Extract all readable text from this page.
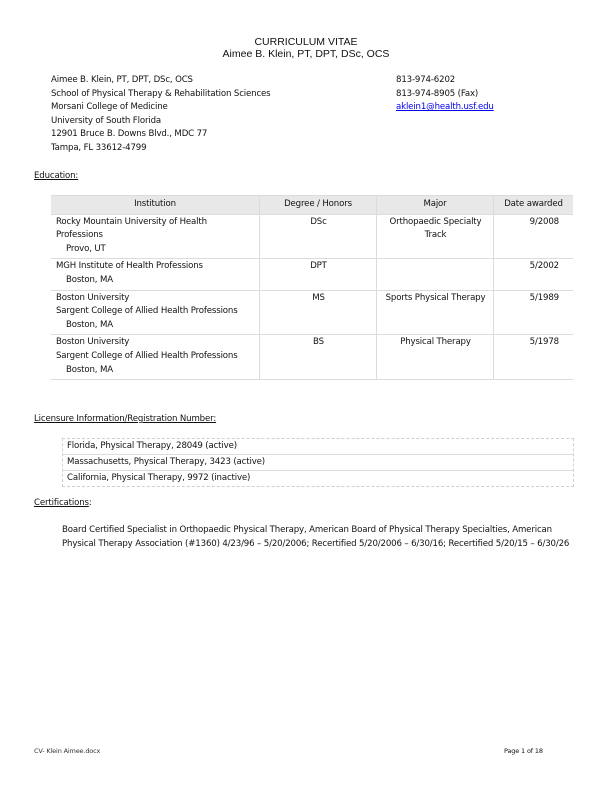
CURRICULUM VITAE
Aimee B. Klein, PT, DPT, DSc, OCS
Aimee B. Klein, PT, DPT, DSc, OCS
School of Physical Therapy & Rehabilitation Sciences
Morsani College of Medicine
University of South Florida
12901 Bruce B. Downs Blvd., MDC 77
Tampa, FL 33612-4799
813-974-6202
813-974-8905 (Fax)
aklein1@health.usf.edu
Education:
Institution	Degree / Honors	Major	Date awarded

Rocky Mountain University of Health Professions
Provo, UT	DSc	Orthopaedic Specialty Track	9/2008

MGH Institute of Health Professions
Boston, MA	DPT		5/2002

Boston University
Sargent College of Allied Health Professions
Boston, MA	MS	Sports Physical Therapy	5/1989

Boston University
Sargent College of Allied Health Professions
Boston, MA	BS	Physical Therapy	5/1978
Licensure Information/Registration Number:
Florida, Physical Therapy, 28049 (active)
Massachusetts, Physical Therapy, 3423 (active)
California, Physical Therapy, 9972 (inactive)
Certifications:
Board Certified Specialist in Orthopaedic Physical Therapy, American Board of Physical Therapy Specialties, American Physical Therapy Association (#1360) 4/23/96 – 5/20/2006; Recertified 5/20/2006 – 6/30/16; Recertified 5/20/15 – 6/30/26
CV- Klein Aimee.docx	Page 1 of 18
